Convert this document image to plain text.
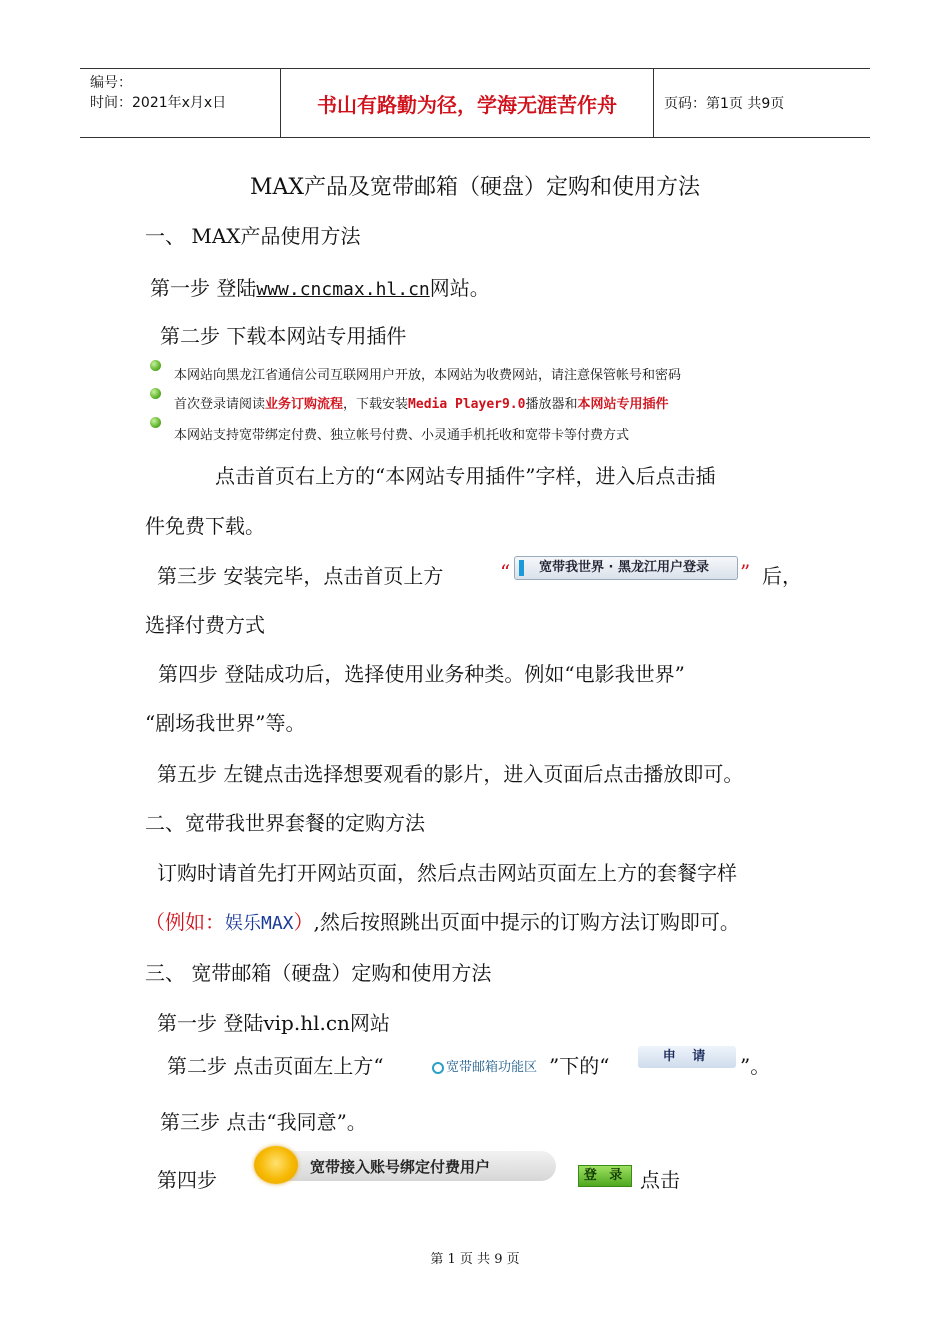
编号：
时间：2021年x月x日	书山有路勤为径，学海无涯苦作舟	页码：第1页 共9页
MAX产品及宽带邮箱（硬盘）定购和使用方法
一、 MAX产品使用方法
第一步 登陆www.cncmax.hl.cn网站。
第二步 下载本网站专用插件
本网站向黑龙江省通信公司互联网用户开放，本网站为收费网站，请注意保管帐号和密码
首次登录请阅读业务订购流程，下载安装Media Player9.0播放器和本网站专用插件
本网站支持宽带绑定付费、独立帐号付费、小灵通手机托收和宽带卡等付费方式
点击首页右上方的“本网站专用插件”字样，进入后点击插
件免费下载。
第三步 安装完毕，点击首页上方	“	宽带我世界 · 黑龙江用户登录	” 后，
选择付费方式
第四步 登陆成功后，选择使用业务种类。例如“电影我世界”
“剧场我世界”等。
第五步 左键点击选择想要观看的影片，进入页面后点击播放即可。
二、宽带我世界套餐的定购方法
订购时请首先打开网站页面，然后点击网站页面左上方的套餐字样
（例如：娱乐MAX）,然后按照跳出页面中提示的订购方法订购即可。
三、 宽带邮箱（硬盘）定购和使用方法
第一步 登陆vip.hl.cn网站
第二步 点击页面左上方“	宽带邮箱功能区 ”下的“	申 请	”。
第三步 点击“我同意”。
第四步
宽带接入账号绑定付费用户	登 录 点击
第 1 页 共 9 页
